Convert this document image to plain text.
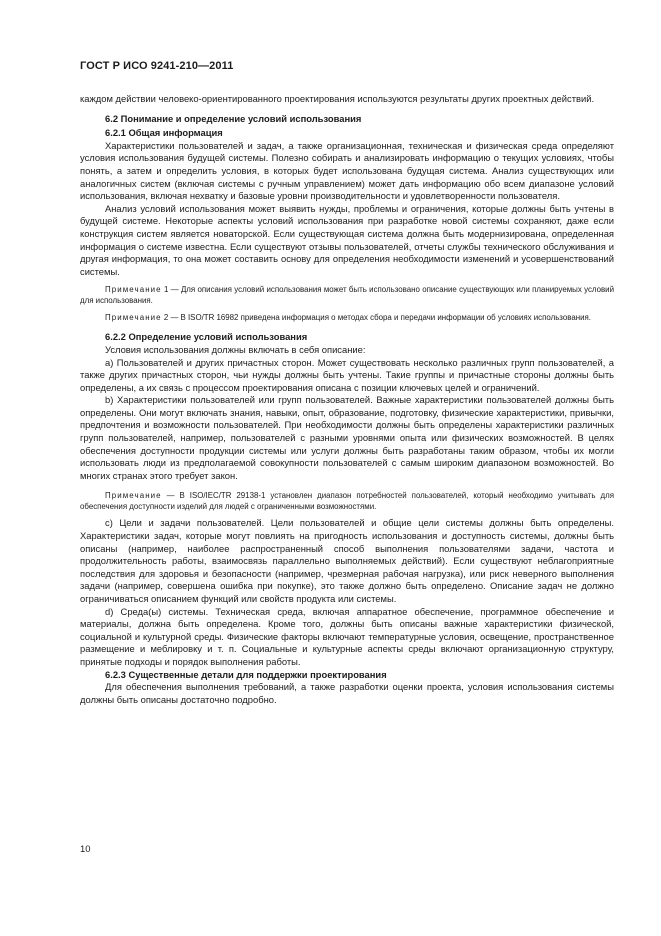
ГОСТ Р ИСО 9241-210—2011

каждом действии человеко-ориентированного проектирования используются результаты других проектных действий.

6.2 Понимание и определение условий использования
6.2.1 Общая информация

Характеристики пользователей и задач, а также организационная, техническая и физическая среда определяют условия использования будущей системы. Полезно собирать и анализировать информацию о текущих условиях, чтобы понять, а затем и определить условия, в которых будет использована будущая система. Анализ существующих или аналогичных систем (включая системы с ручным управлением) может дать информацию обо всем диапазоне условий использования, включая нехватку и базовые уровни производительности и удовлетворенности пользователя.

Анализ условий использования может выявить нужды, проблемы и ограничения, которые должны быть учтены в будущей системе. Некоторые аспекты условий использования при разработке новой системы сохраняют, даже если конструкция систем является новаторской. Если существующая система должна быть модернизирована, определенная информация о системе известна. Если существуют отзывы пользователей, отчеты службы технического обслуживания и другая информация, то она может составить основу для определения необходимости изменений и усовершенствований системы.

Примечание 1 — Для описания условий использования может быть использовано описание существующих или планируемых условий для использования.
Примечание 2 — В ISO/TR 16982 приведена информация о методах сбора и передачи информации об условиях использования.
6.2.2 Определение условий использования

Условия использования должны включать в себя описание:

a) Пользователей и других причастных сторон. Может существовать несколько различных групп пользователей, а также других причастных сторон, чьи нужды должны быть учтены. Такие группы и причастные стороны должны быть определены, а их связь с процессом проектирования описана с позиции ключевых целей и ограничений.

b) Характеристики пользователей или групп пользователей. Важные характеристики пользователей должны быть определены. Они могут включать знания, навыки, опыт, образование, подготовку, физические характеристики, привычки, предпочтения и возможности пользователей. При необходимости должны быть определены характеристики различных групп пользователей, например, пользователей с разными уровнями опыта или физических возможностей. В целях обеспечения доступности продукции системы или услуги должны быть разработаны таким образом, чтобы их могли использовать люди из предполагаемой совокупности пользователей с самым широким диапазоном возможностей. Во многих странах этого требует закон.

Примечание — В ISO/IEC/TR 29138-1 установлен диапазон потребностей пользователей, который необходимо учитывать для обеспечения доступности изделий для людей с ограниченными возможностями.

c) Цели и задачи пользователей. Цели пользователей и общие цели системы должны быть определены. Характеристики задач, которые могут повлиять на пригодность использования и доступность системы, должны быть описаны (например, наиболее распространенный способ выполнения пользователями задачи, частота и продолжительность работы, взаимосвязь параллельно выполняемых действий). Если существуют неблагоприятные последствия для здоровья и безопасности (например, чрезмерная рабочая нагрузка), или риск неверного выполнения задачи (например, совершена ошибка при покупке), это также должно быть определено. Описание задач не должно ограничиваться описанием функций или свойств продукта или системы.

d) Среда(ы) системы. Техническая среда, включая аппаратное обеспечение, программное обеспечение и материалы, должна быть определена. Кроме того, должны быть описаны важные характеристики физической, социальной и культурной среды. Физические факторы включают температурные условия, освещение, пространственное размещение и меблировку и т. п. Социальные и культурные аспекты среды включают организационную структуру, принятые подходы и порядок выполнения работы.

6.2.3 Существенные детали для поддержки проектирования

Для обеспечения выполнения требований, а также разработки оценки проекта, условия использования системы должны быть описаны достаточно подробно.

10
